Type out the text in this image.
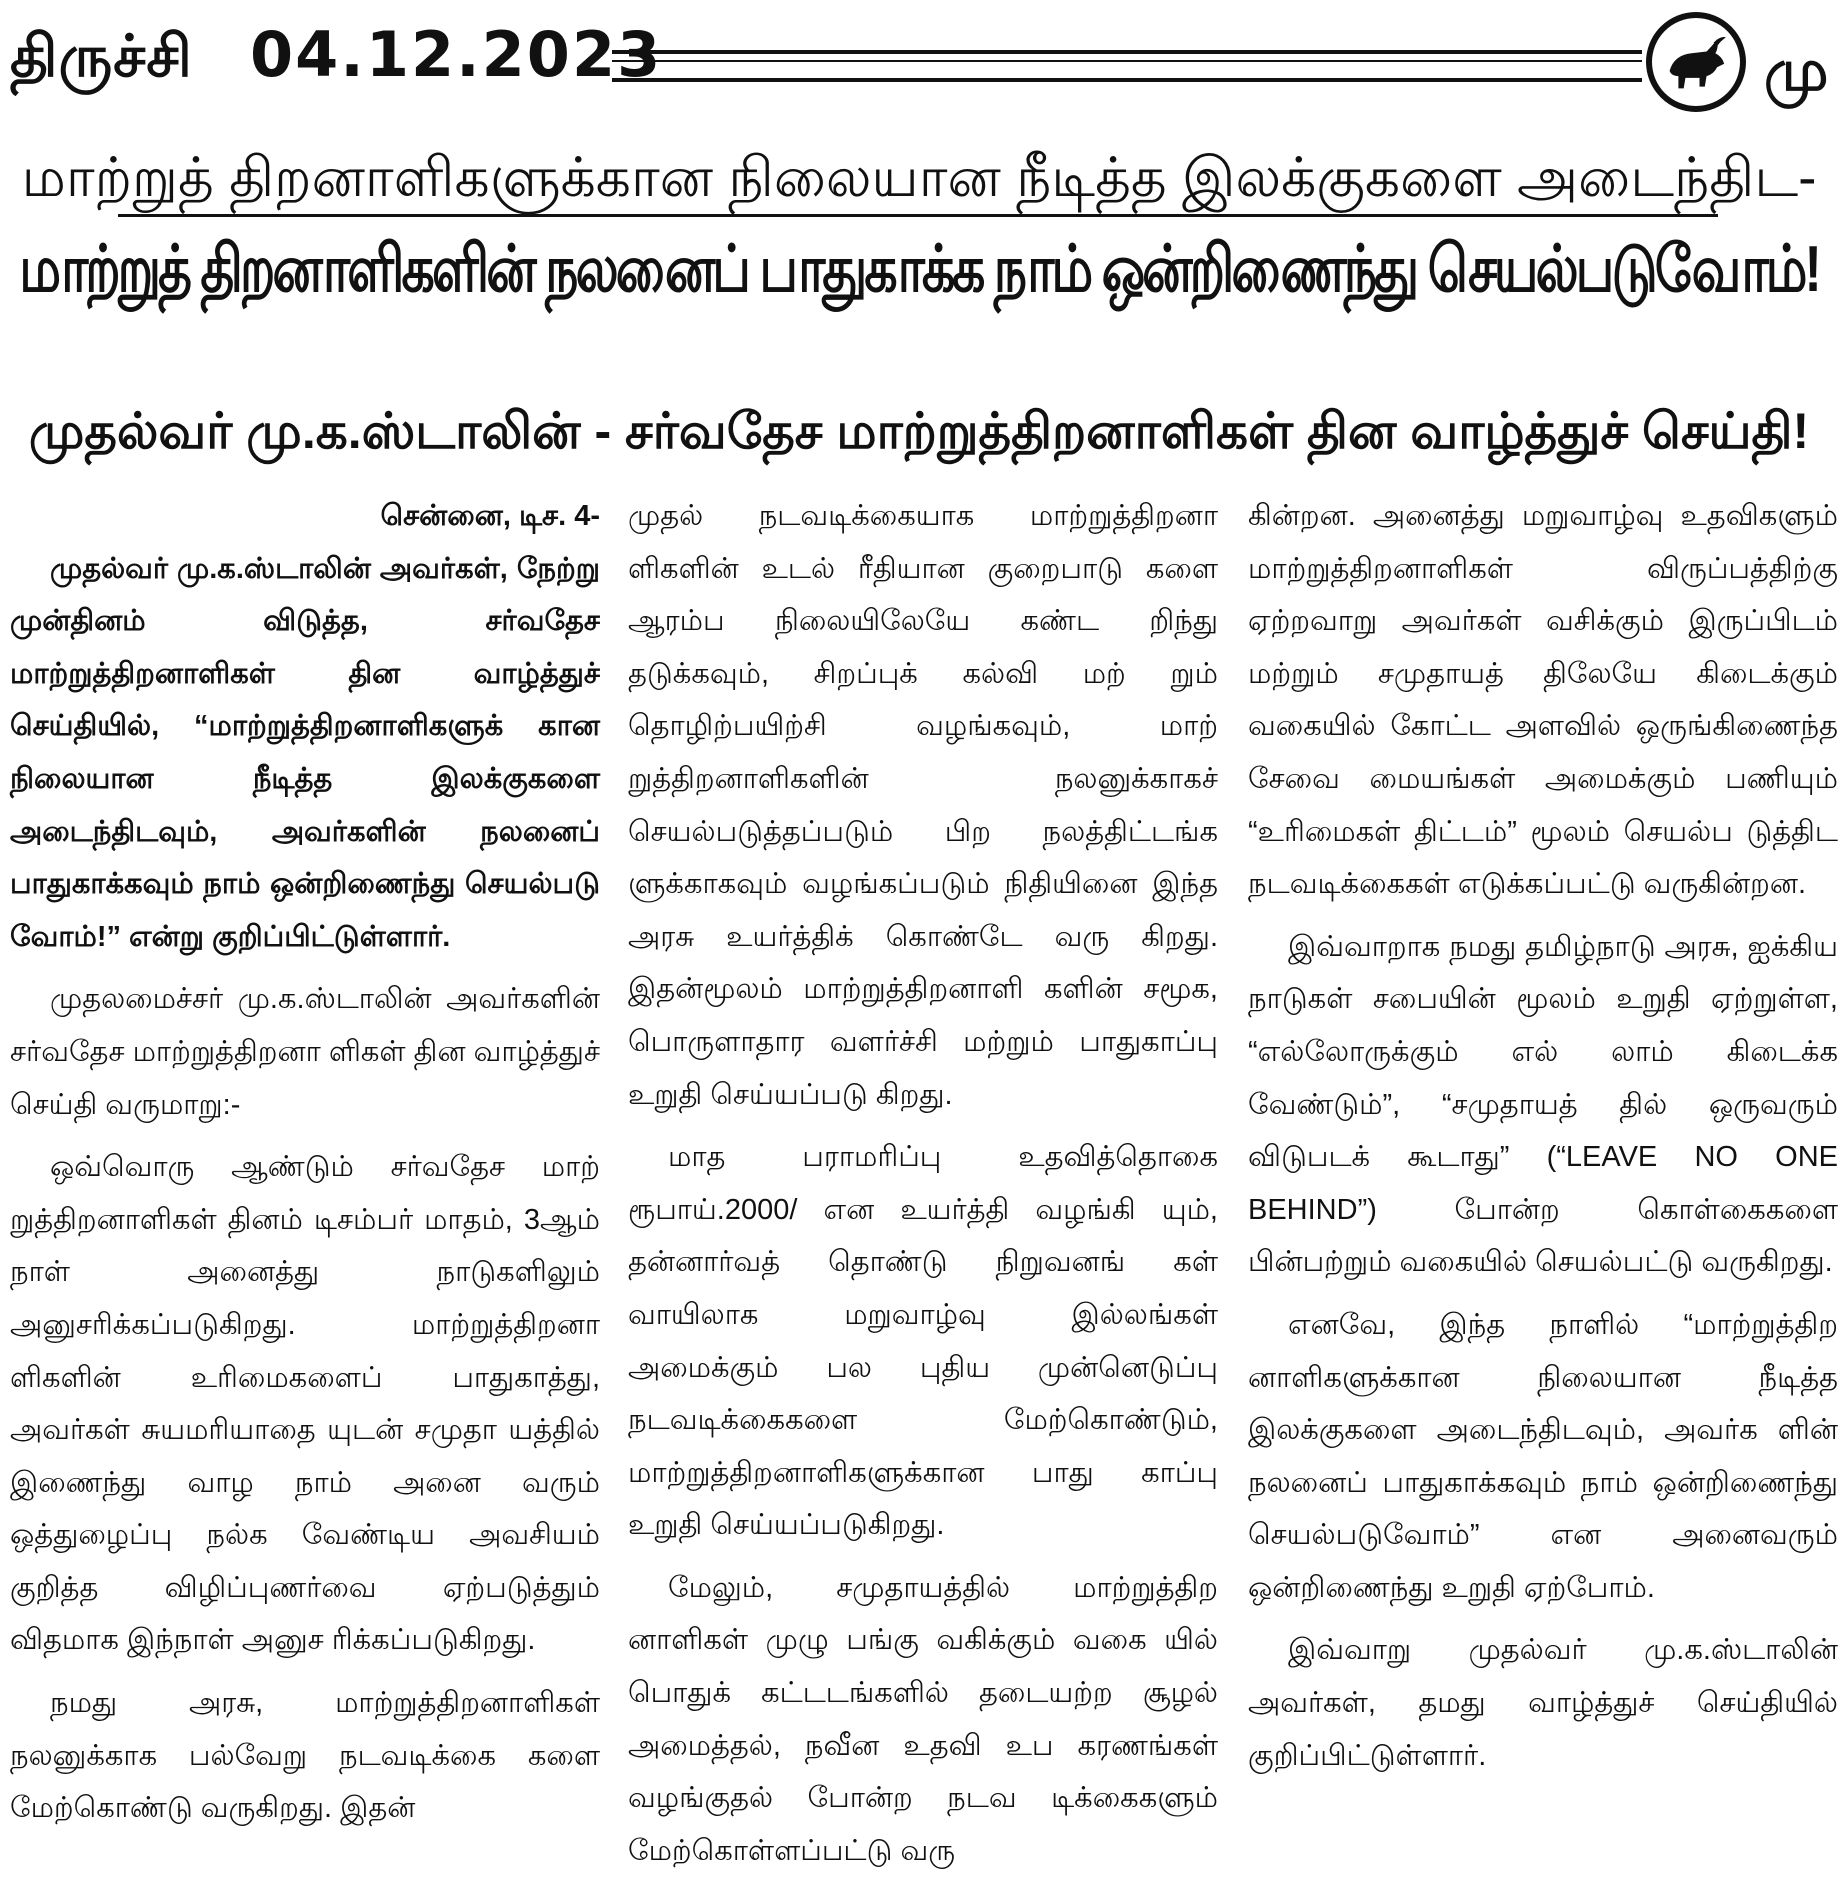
திருச்சி 04.12.2023	மு
மாற்றுத் திறனாளிகளுக்கான நிலையான நீடித்த இலக்குகளை அடைந்திட-
மாற்றுத் திறனாளிகளின் நலனைப் பாதுகாக்க நாம் ஒன்றிணைந்து செயல்படுவோம்!
முதல்வர் மு.க.ஸ்டாலின் - சர்வதேச மாற்றுத்திறனாளிகள் தின வாழ்த்துச் செய்தி!

சென்னை, டிச. 4-

முதல்வர் மு.க.ஸ்டாலின் அவர்கள், நேற்று முன்தினம் விடுத்த, சர்வதேச மாற்றுத்திறனாளிகள் தின வாழ்த்துச் செய்தியில், “மாற்றுத்திறனாளிகளுக் கான நிலையான நீடித்த இலக்குகளை அடைந்திடவும், அவர்களின் நலனைப் பாதுகாக்கவும் நாம் ஒன்றிணைந்து செயல்படு வோம்!” என்று குறிப்பிட்டுள்ளார்.

முதலமைச்சர் மு.க.ஸ்டாலின் அவர்களின் சர்வதேச மாற்றுத்திறனா ளிகள் தின வாழ்த்துச் செய்தி வருமாறு:-

ஒவ்வொரு ஆண்டும் சர்வதேச மாற் றுத்திறனாளிகள் தினம் டிசம்பர் மாதம், 3ஆம் நாள் அனைத்து நாடுகளிலும் அனுசரிக்கப்படுகிறது. மாற்றுத்திறனா ளிகளின் உரிமைகளைப் பாதுகாத்து, அவர்கள் சுயமரியாதை யுடன் சமுதா யத்தில் இணைந்து வாழ நாம் அனை வரும் ஒத்துழைப்பு நல்க வேண்டிய அவசியம் குறித்த விழிப்புணர்வை ஏற்படுத்தும் விதமாக இந்நாள் அனுச ரிக்கப்படுகிறது.

நமது அரசு, மாற்றுத்திறனாளிகள் நலனுக்காக பல்வேறு நடவடிக்கை களை மேற்கொண்டு வருகிறது. இதன்

முதல் நடவடிக்கையாக மாற்றுத்திறனா ளிகளின் உடல் ரீதியான குறைபாடு களை ஆரம்ப நிலையிலேயே கண்ட றிந்து தடுக்கவும், சிறப்புக் கல்வி மற் றும் தொழிற்பயிற்சி வழங்கவும், மாற் றுத்திறனாளிகளின் நலனுக்காகச் செயல்படுத்தப்படும் பிற நலத்திட்டங்க ளுக்காகவும் வழங்கப்படும் நிதியினை இந்த அரசு உயர்த்திக் கொண்டே வரு கிறது. இதன்மூலம் மாற்றுத்திறனாளி களின் சமூக, பொருளாதார வளர்ச்சி மற்றும் பாதுகாப்பு உறுதி செய்யப்படு கிறது.

மாத பராமரிப்பு உதவித்தொகை ரூபாய்.2000/ என உயர்த்தி வழங்கி யும், தன்னார்வத் தொண்டு நிறுவனங் கள் வாயிலாக மறுவாழ்வு இல்லங்கள் அமைக்கும் பல புதிய முன்னெடுப்பு நடவடிக்கைகளை மேற்கொண்டும், மாற்றுத்திறனாளிகளுக்கான பாது காப்பு உறுதி செய்யப்படுகிறது.

மேலும், சமுதாயத்தில் மாற்றுத்திற னாளிகள் முழு பங்கு வகிக்கும் வகை யில் பொதுக் கட்டடங்களில் தடையற்ற சூழல் அமைத்தல், நவீன உதவி உப கரணங்கள் வழங்குதல் போன்ற நடவ டிக்கைகளும் மேற்கொள்ளப்பட்டு வரு

கின்றன. அனைத்து மறுவாழ்வு உதவிகளும் மாற்றுத்திறனாளிகள் விருப்பத்திற்கு ஏற்றவாறு அவர்கள் வசிக்கும் இருப்பிடம் மற்றும் சமுதாயத் திலேயே கிடைக்கும் வகையில் கோட்ட அளவில் ஒருங்கிணைந்த சேவை மையங்கள் அமைக்கும் பணியும் “உரிமைகள் திட்டம்” மூலம் செயல்ப டுத்திட நடவடிக்கைகள் எடுக்கப்பட்டு வருகின்றன.

இவ்வாறாக நமது தமிழ்நாடு அரசு, ஐக்கிய நாடுகள் சபையின் மூலம் உறுதி ஏற்றுள்ள, “எல்லோருக்கும் எல் லாம் கிடைக்க வேண்டும்”, “சமுதாயத் தில் ஒருவரும் விடுபடக் கூடாது” (“LEAVE NO ONE BEHIND”) போன்ற கொள்கைகளை பின்பற்றும் வகையில் செயல்பட்டு வருகிறது.

எனவே, இந்த நாளில் “மாற்றுத்திற னாளிகளுக்கான நிலையான நீடித்த இலக்குகளை அடைந்திடவும், அவர்க ளின் நலனைப் பாதுகாக்கவும் நாம் ஒன்றிணைந்து செயல்படுவோம்” என அனைவரும் ஒன்றிணைந்து உறுதி ஏற்போம்.

இவ்வாறு முதல்வர் மு.க.ஸ்டாலின் அவர்கள், தமது வாழ்த்துச் செய்தியில் குறிப்பிட்டுள்ளார்.
